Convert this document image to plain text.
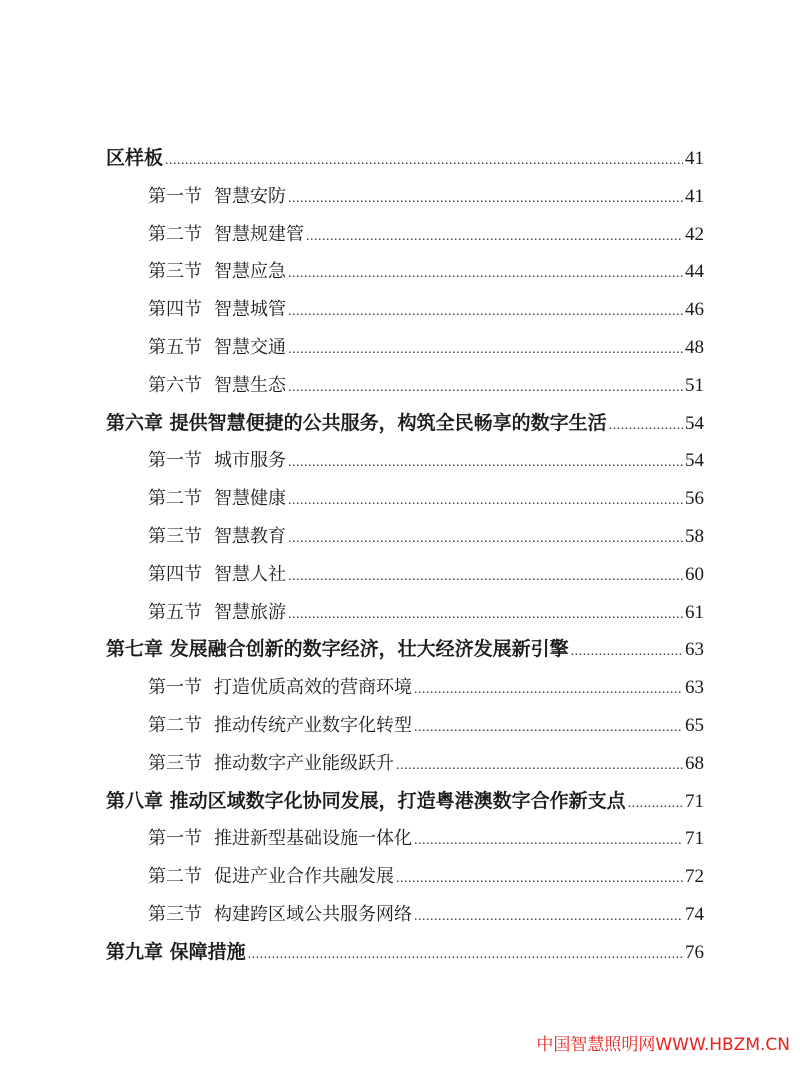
区样板 .....	41
第一节 智慧安防 .....	41
第二节 智慧规建管 .....	42
第三节 智慧应急 .....	44
第四节 智慧城管 .....	46
第五节 智慧交通 .....	48
第六节 智慧生态 .....	51
第六章 提供智慧便捷的公共服务，构筑全民畅享的数字生活 .....	54
第一节 城市服务 .....	54
第二节 智慧健康 .....	56
第三节 智慧教育 .....	58
第四节 智慧人社 .....	60
第五节 智慧旅游 .....	61
第七章 发展融合创新的数字经济，壮大经济发展新引擎 .....	63
第一节 打造优质高效的营商环境 .....	63
第二节 推动传统产业数字化转型 .....	65
第三节 推动数字产业能级跃升 .....	68
第八章 推动区域数字化协同发展，打造粤港澳数字合作新支点 .....	71
第一节 推进新型基础设施一体化 .....	71
第二节 促进产业合作共融发展 .....	72
第三节 构建跨区域公共服务网络 .....	74
第九章 保障措施 .....	76
中国智慧照明网WWW.HBZM.CN
